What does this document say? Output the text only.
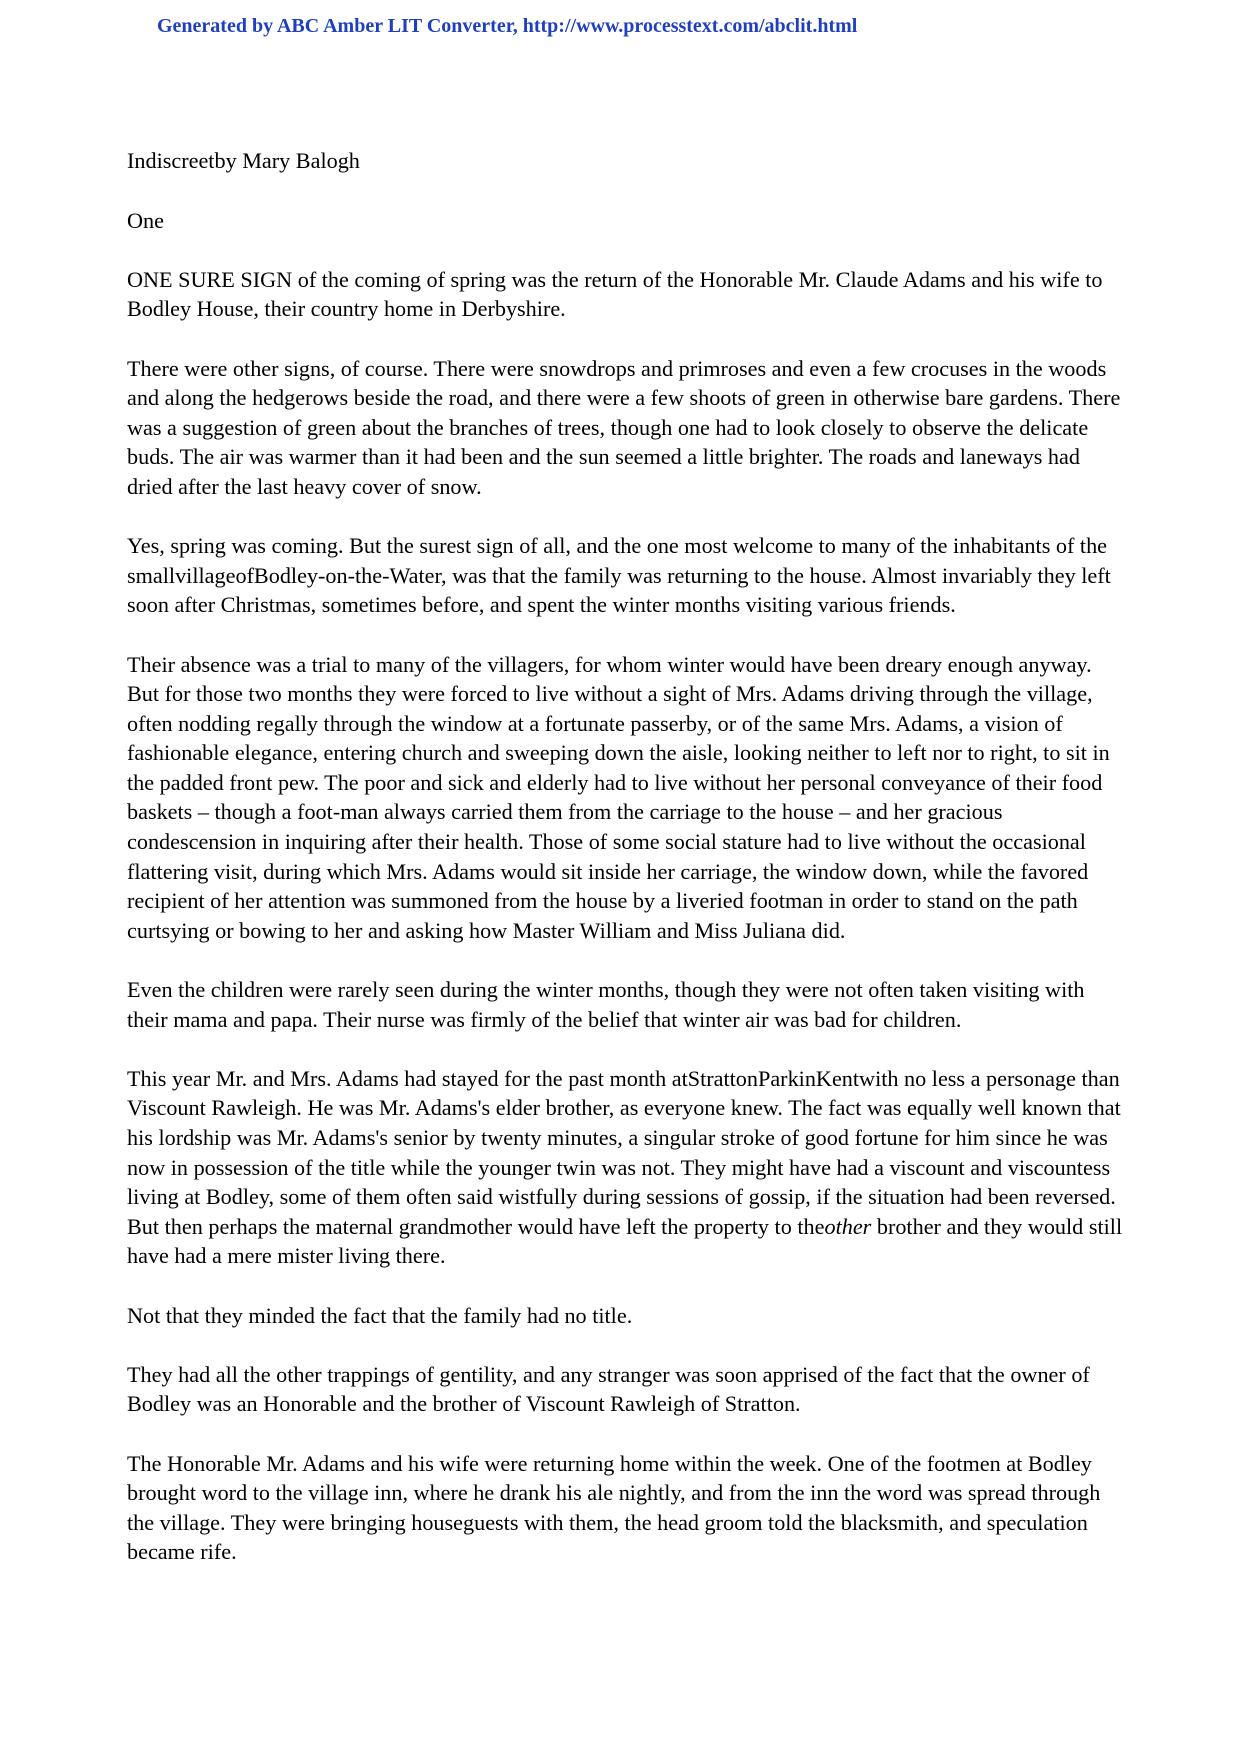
Generated by ABC Amber LIT Converter, http://www.processtext.com/abclit.html

Indiscreetby Mary Balogh

One

ONE SURE SIGN of the coming of spring was the return of the Honorable Mr. Claude Adams and his wife to Bodley House, their country home in Derbyshire.

There were other signs, of course. There were snowdrops and primroses and even a few crocuses in the woods and along the hedgerows beside the road, and there were a few shoots of green in otherwise bare gardens. There was a suggestion of green about the branches of trees, though one had to look closely to observe the delicate buds. The air was warmer than it had been and the sun seemed a little brighter. The roads and laneways had dried after the last heavy cover of snow.

Yes, spring was coming. But the surest sign of all, and the one most welcome to many of the inhabitants of the smallvillageofBodley-on-the-Water, was that the family was returning to the house. Almost invariably they left soon after Christmas, sometimes before, and spent the winter months visiting various friends.

Their absence was a trial to many of the villagers, for whom winter would have been dreary enough anyway. But for those two months they were forced to live without a sight of Mrs. Adams driving through the village, often nodding regally through the window at a fortunate passerby, or of the same Mrs. Adams, a vision of fashionable elegance, entering church and sweeping down the aisle, looking neither to left nor to right, to sit in the padded front pew. The poor and sick and elderly had to live without her personal conveyance of their food baskets – though a foot-man always carried them from the carriage to the house – and her gracious condescension in inquiring after their health. Those of some social stature had to live without the occasional flattering visit, during which Mrs. Adams would sit inside her carriage, the window down, while the favored recipient of her attention was summoned from the house by a liveried footman in order to stand on the path curtsying or bowing to her and asking how Master William and Miss Juliana did.

Even the children were rarely seen during the winter months, though they were not often taken visiting with their mama and papa. Their nurse was firmly of the belief that winter air was bad for children.

This year Mr. and Mrs. Adams had stayed for the past month atStrattonParkinKentwith no less a personage than Viscount Rawleigh. He was Mr. Adams's elder brother, as everyone knew. The fact was equally well known that his lordship was Mr. Adams's senior by twenty minutes, a singular stroke of good fortune for him since he was now in possession of the title while the younger twin was not. They might have had a viscount and viscountess living at Bodley, some of them often said wistfully during sessions of gossip, if the situation had been reversed. But then perhaps the maternal grandmother would have left the property to theother brother and they would still have had a mere mister living there.

Not that they minded the fact that the family had no title.

They had all the other trappings of gentility, and any stranger was soon apprised of the fact that the owner of Bodley was an Honorable and the brother of Viscount Rawleigh of Stratton.

The Honorable Mr. Adams and his wife were returning home within the week. One of the footmen at Bodley brought word to the village inn, where he drank his ale nightly, and from the inn the word was spread through the village. They were bringing houseguests with them, the head groom told the blacksmith, and speculation became rife.
